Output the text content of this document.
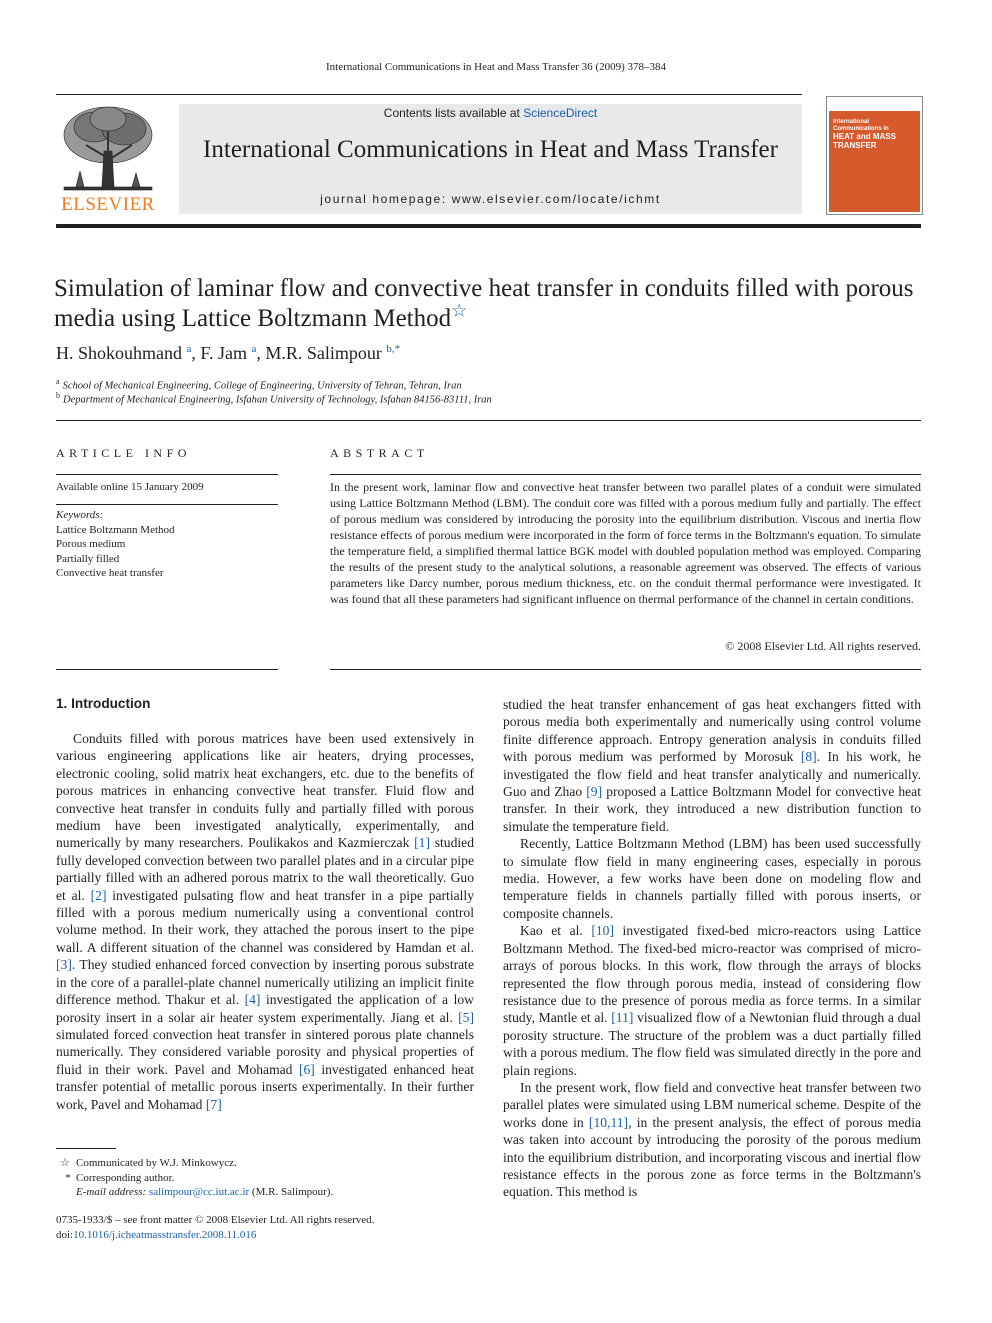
International Communications in Heat and Mass Transfer 36 (2009) 378–384
ELSEVIER
Contents lists available at ScienceDirect
International Communications in Heat and Mass Transfer
journal homepage: www.elsevier.com/locate/ichmt
International Communications in
HEAT and MASS
TRANSFER
Simulation of laminar flow and convective heat transfer in conduits filled with porous media using Lattice Boltzmann Method☆
H. Shokouhmand $^a$, F. Jam $^a$, M.R. Salimpour $^{b,*}$
$^a$ School of Mechanical Engineering, College of Engineering, University of Tehran, Tehran, Iran
$^b$ Department of Mechanical Engineering, Isfahan University of Technology, Isfahan 84156-83111, Iran
ARTICLE INFO
Available online 15 January 2009
Keywords:
Lattice Boltzmann Method
Porous medium
Partially filled
Convective heat transfer
ABSTRACT
In the present work, laminar flow and convective heat transfer between two parallel plates of a conduit were simulated using Lattice Boltzmann Method (LBM). The conduit core was filled with a porous medium fully and partially. The effect of porous medium was considered by introducing the porosity into the equilibrium distribution. Viscous and inertia flow resistance effects of porous medium were incorporated in the form of force terms in the Boltzmann's equation. To simulate the temperature field, a simplified thermal lattice BGK model with doubled population method was employed. Comparing the results of the present study to the analytical solutions, a reasonable agreement was observed. The effects of various parameters like Darcy number, porous medium thickness, etc. on the conduit thermal performance were investigated. It was found that all these parameters had significant influence on thermal performance of the channel in certain conditions.
© 2008 Elsevier Ltd. All rights reserved.
1. Introduction

Conduits filled with porous matrices have been used extensively in various engineering applications like air heaters, drying processes, electronic cooling, solid matrix heat exchangers, etc. due to the benefits of porous matrices in enhancing convective heat transfer. Fluid flow and convective heat transfer in conduits fully and partially filled with porous medium have been investigated analytically, experimentally, and numerically by many researchers. Poulikakos and Kazmierczak [1] studied fully developed convection between two parallel plates and in a circular pipe partially filled with an adhered porous matrix to the wall theoretically. Guo et al. [2] investigated pulsating flow and heat transfer in a pipe partially filled with a porous medium numerically using a conventional control volume method. In their work, they attached the porous insert to the pipe wall. A different situation of the channel was considered by Hamdan et al. [3]. They studied enhanced forced convection by inserting porous substrate in the core of a parallel-plate channel numerically utilizing an implicit finite difference method. Thakur et al. [4] investigated the application of a low porosity insert in a solar air heater system experimentally. Jiang et al. [5] simulated forced convection heat transfer in sintered porous plate channels numerically. They considered variable porosity and physical properties of fluid in their work. Pavel and Mohamad [6] investigated enhanced heat transfer potential of metallic porous inserts experimentally. In their further work, Pavel and Mohamad [7]

studied the heat transfer enhancement of gas heat exchangers fitted with porous media both experimentally and numerically using control volume finite difference approach. Entropy generation analysis in conduits filled with porous medium was performed by Morosuk [8]. In his work, he investigated the flow field and heat transfer analytically and numerically. Guo and Zhao [9] proposed a Lattice Boltzmann Model for convective heat transfer. In their work, they introduced a new distribution function to simulate the temperature field.

Recently, Lattice Boltzmann Method (LBM) has been used successfully to simulate flow field in many engineering cases, especially in porous media. However, a few works have been done on modeling flow and temperature fields in channels partially filled with porous inserts, or composite channels.

Kao et al. [10] investigated fixed-bed micro-reactors using Lattice Boltzmann Method. The fixed-bed micro-reactor was comprised of micro-arrays of porous blocks. In this work, flow through the arrays of blocks represented the flow through porous media, instead of considering flow resistance due to the presence of porous media as force terms. In a similar study, Mantle et al. [11] visualized flow of a Newtonian fluid through a dual porosity structure. The structure of the problem was a duct partially filled with a porous medium. The flow field was simulated directly in the pore and plain regions.

In the present work, flow field and convective heat transfer between two parallel plates were simulated using LBM numerical scheme. Despite of the works done in [10,11], in the present analysis, the effect of porous media was taken into account by introducing the porosity of the porous medium into the equilibrium distribution, and incorporating viscous and inertial flow resistance effects in the porous zone as force terms in the Boltzmann's equation. This method is

☆ Communicated by W.J. Minkowycz.
* Corresponding author.
E-mail address: salimpour@cc.iut.ac.ir (M.R. Salimpour).
0735-1933/$ – see front matter © 2008 Elsevier Ltd. All rights reserved.
doi:10.1016/j.icheatmasstransfer.2008.11.016
